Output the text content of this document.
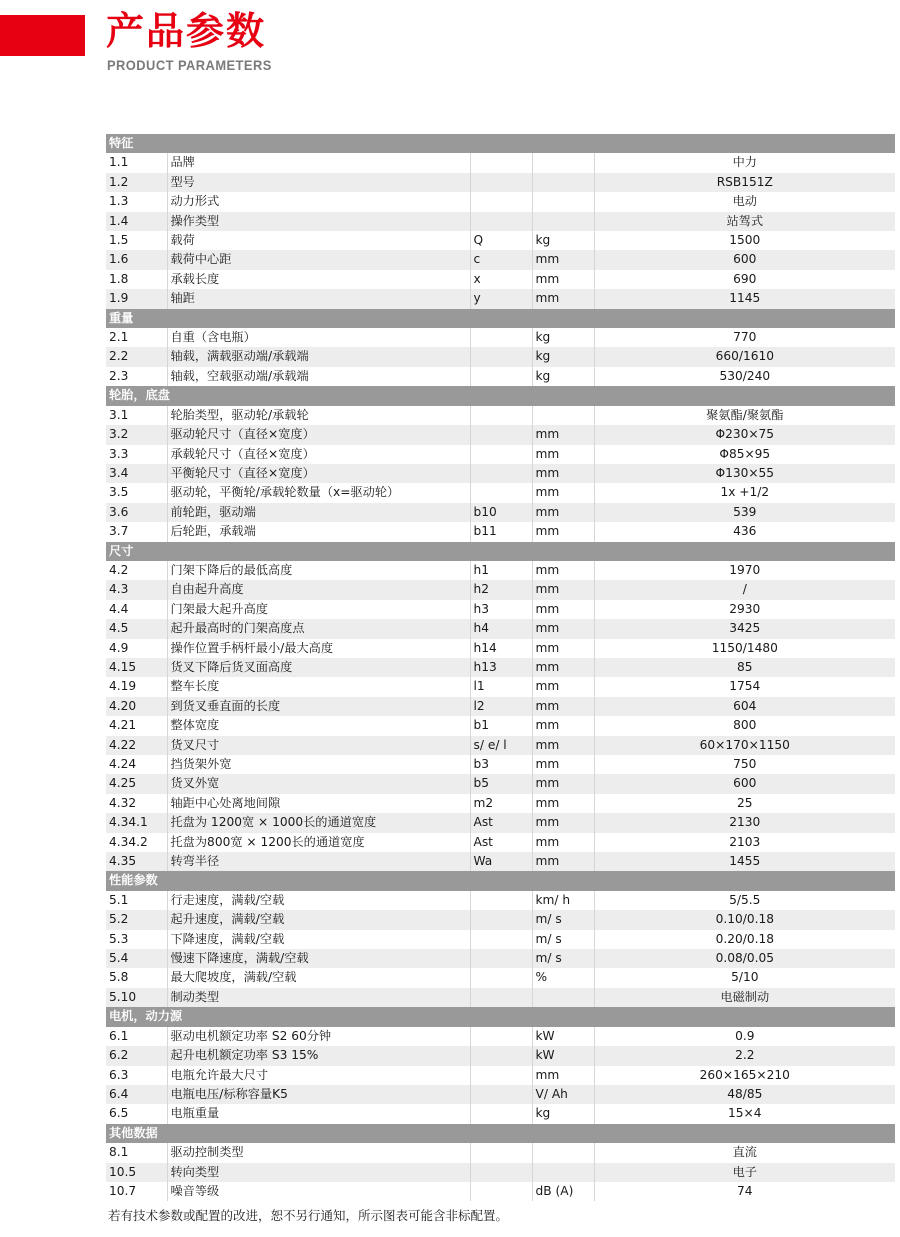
产品参数
PRODUCT PARAMETERS
特征				
1.1	品牌			中力
1.2	型号			RSB151Z
1.3	动力形式			电动
1.4	操作类型			站驾式
1.5	载荷	Q	kg	1500
1.6	载荷中心距	c	mm	600
1.8	承载长度	x	mm	690
1.9	轴距	y	mm	1145
重量				
2.1	自重（含电瓶）		kg	770
2.2	轴载，满载驱动端/承载端		kg	660/1610
2.3	轴载，空载驱动端/承载端		kg	530/240
轮胎，底盘				
3.1	轮胎类型，驱动轮/承载轮			聚氨酯/聚氨酯
3.2	驱动轮尺寸（直径×宽度）		mm	Φ230×75
3.3	承载轮尺寸（直径×宽度）		mm	Φ85×95
3.4	平衡轮尺寸（直径×宽度）		mm	Φ130×55
3.5	驱动轮，平衡轮/承载轮数量（x=驱动轮）		mm	1x +1/2
3.6	前轮距，驱动端	b10	mm	539
3.7	后轮距，承载端	b11	mm	436
尺寸				
4.2	门架下降后的最低高度	h1	mm	1970
4.3	自由起升高度	h2	mm	/
4.4	门架最大起升高度	h3	mm	2930
4.5	起升最高时的门架高度点	h4	mm	3425
4.9	操作位置手柄杆最小/最大高度	h14	mm	1150/1480
4.15	货叉下降后货叉面高度	h13	mm	85
4.19	整车长度	l1	mm	1754
4.20	到货叉垂直面的长度	l2	mm	604
4.21	整体宽度	b1	mm	800
4.22	货叉尺寸	s/ e/ l	mm	60×170×1150
4.24	挡货架外宽	b3	mm	750
4.25	货叉外宽	b5	mm	600
4.32	轴距中心处离地间隙	m2	mm	25
4.34.1	托盘为 1200宽 × 1000长的通道宽度	Ast	mm	2130
4.34.2	托盘为800宽 × 1200长的通道宽度	Ast	mm	2103
4.35	转弯半径	Wa	mm	1455
性能参数				
5.1	行走速度，满载/空载		km/ h	5/5.5
5.2	起升速度，满载/空载		m/ s	0.10/0.18
5.3	下降速度，满载/空载		m/ s	0.20/0.18
5.4	慢速下降速度，满载/空载		m/ s	0.08/0.05
5.8	最大爬坡度，满载/空载		%	5/10
5.10	制动类型			电磁制动
电机，动力源				
6.1	驱动电机额定功率 S2 60分钟		kW	0.9
6.2	起升电机额定功率 S3 15%		kW	2.2
6.3	电瓶允许最大尺寸		mm	260×165×210
6.4	电瓶电压/标称容量K5		V/ Ah	48/85
6.5	电瓶重量		kg	15×4
其他数据				
8.1	驱动控制类型			直流
10.5	转向类型			电子
10.7	噪音等级		dB (A)	74
若有技术参数或配置的改进，恕不另行通知，所示图表可能含非标配置。
